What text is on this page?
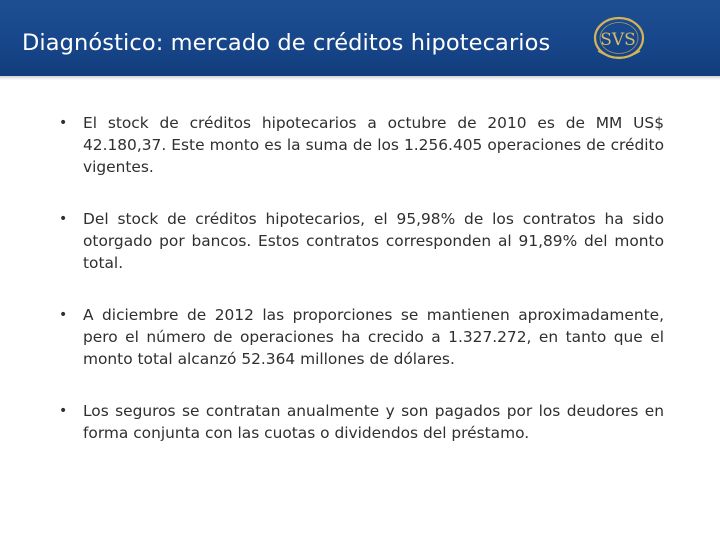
Diagnóstico: mercado de créditos hipotecarios	SVS
• El stock de créditos hipotecarios a octubre de 2010 es de MM US$ 42.180,37. Este monto es la suma de los 1.256.405 operaciones de crédito vigentes.
• Del stock de créditos hipotecarios, el 95,98% de los contratos ha sido otorgado por bancos. Estos contratos corresponden al 91,89% del monto total.
• A diciembre de 2012 las proporciones se mantienen aproximadamente, pero el número de operaciones ha crecido a 1.327.272, en tanto que el monto total alcanzó 52.364 millones de dólares.
• Los seguros se contratan anualmente y son pagados por los deudores en forma conjunta con las cuotas o dividendos del préstamo.
